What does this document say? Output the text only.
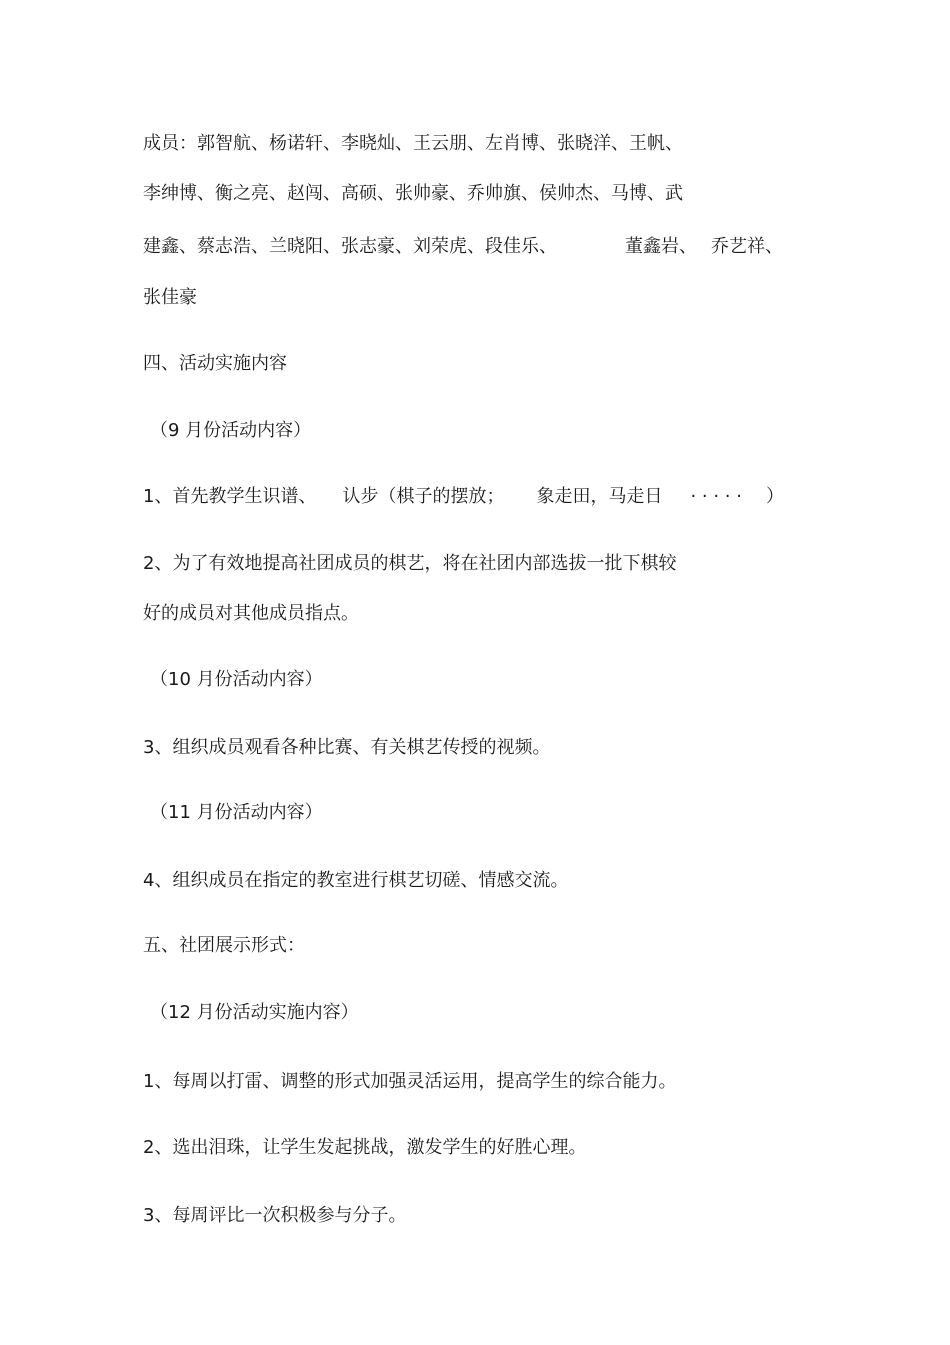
成员：郭智航、杨诺轩、李晓灿、王云朋、左肖博、张晓洋、王帆、
李绅博、衡之亮、赵闯、高硕、张帅豪、乔帅旗、侯帅杰、马博、武
建鑫、蔡志浩、兰晓阳、张志豪、刘荣虎、段佳乐、	董鑫岩、 乔艺祥、
张佳豪
四、活动实施内容
（9 月份活动内容）
1、首先教学生识谱、 认步（棋子的摆放； 象走田，马走日 · · · · · ）
2、为了有效地提高社团成员的棋艺，将在社团内部选拔一批下棋较
好的成员对其他成员指点。
（10 月份活动内容）
3、组织成员观看各种比赛、有关棋艺传授的视频。
（11 月份活动内容）
4、组织成员在指定的教室进行棋艺切磋、情感交流。
五、社团展示形式：
（12 月份活动实施内容）
1、每周以打雷、调整的形式加强灵活运用，提高学生的综合能力。
2、选出泪珠，让学生发起挑战，激发学生的好胜心理。
3、每周评比一次积极参与分子。
